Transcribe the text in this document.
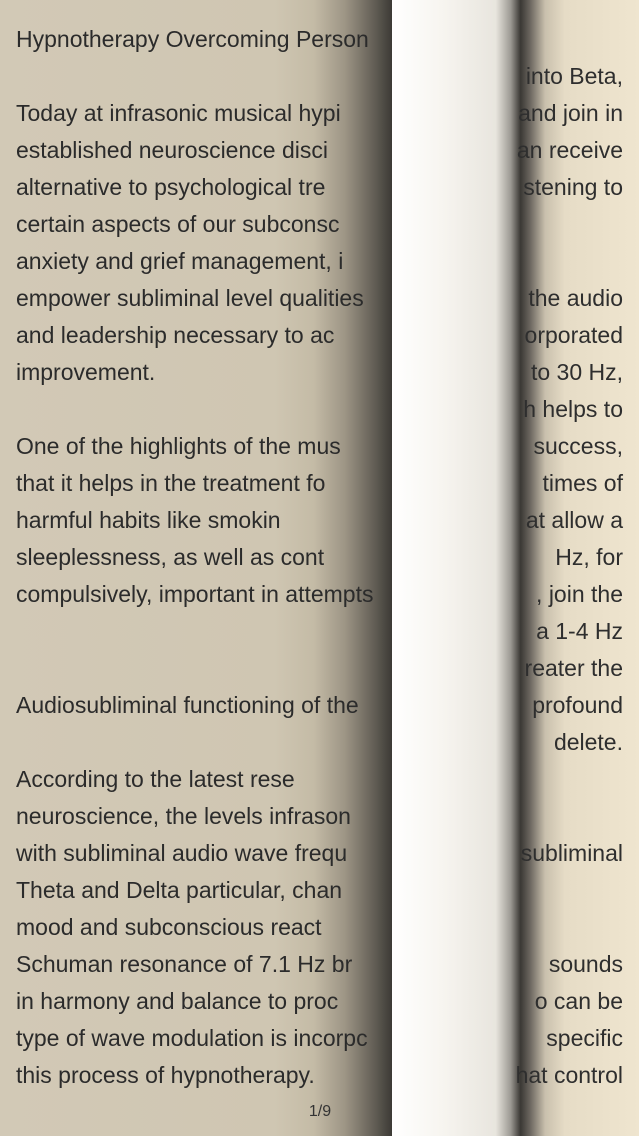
Hypnotherapy Overcoming Person
Today at infrasonic musical hypi
established neuroscience disci
alternative to psychological tre
certain aspects of our subconsc
anxiety and grief management, i
empower subliminal level qualities
and leadership necessary to ac
improvement.
One of the highlights of the mus
that it helps in the treatment fo
harmful habits like smokin
sleeplessness, as well as cont
compulsively, important in attempts
Audiosubliminal functioning of the
According to the latest rese
neuroscience, the levels infrason
with subliminal audio wave frequ
Theta and Delta particular, chan
mood and subconscious react
Schuman resonance of 7.1 Hz br
in harmony and balance to proc
type of wave modulation is incorpc
this process of hypnotherapy.
into Beta,
and join in
an receive
stening to
the audio
orporated
to 30 Hz,
h helps to
success,
times of
at allow a
Hz, for
, join the
a 1-4 Hz
reater the
profound
delete.
subliminal
sounds
o can be
specific
hat control
1/9
